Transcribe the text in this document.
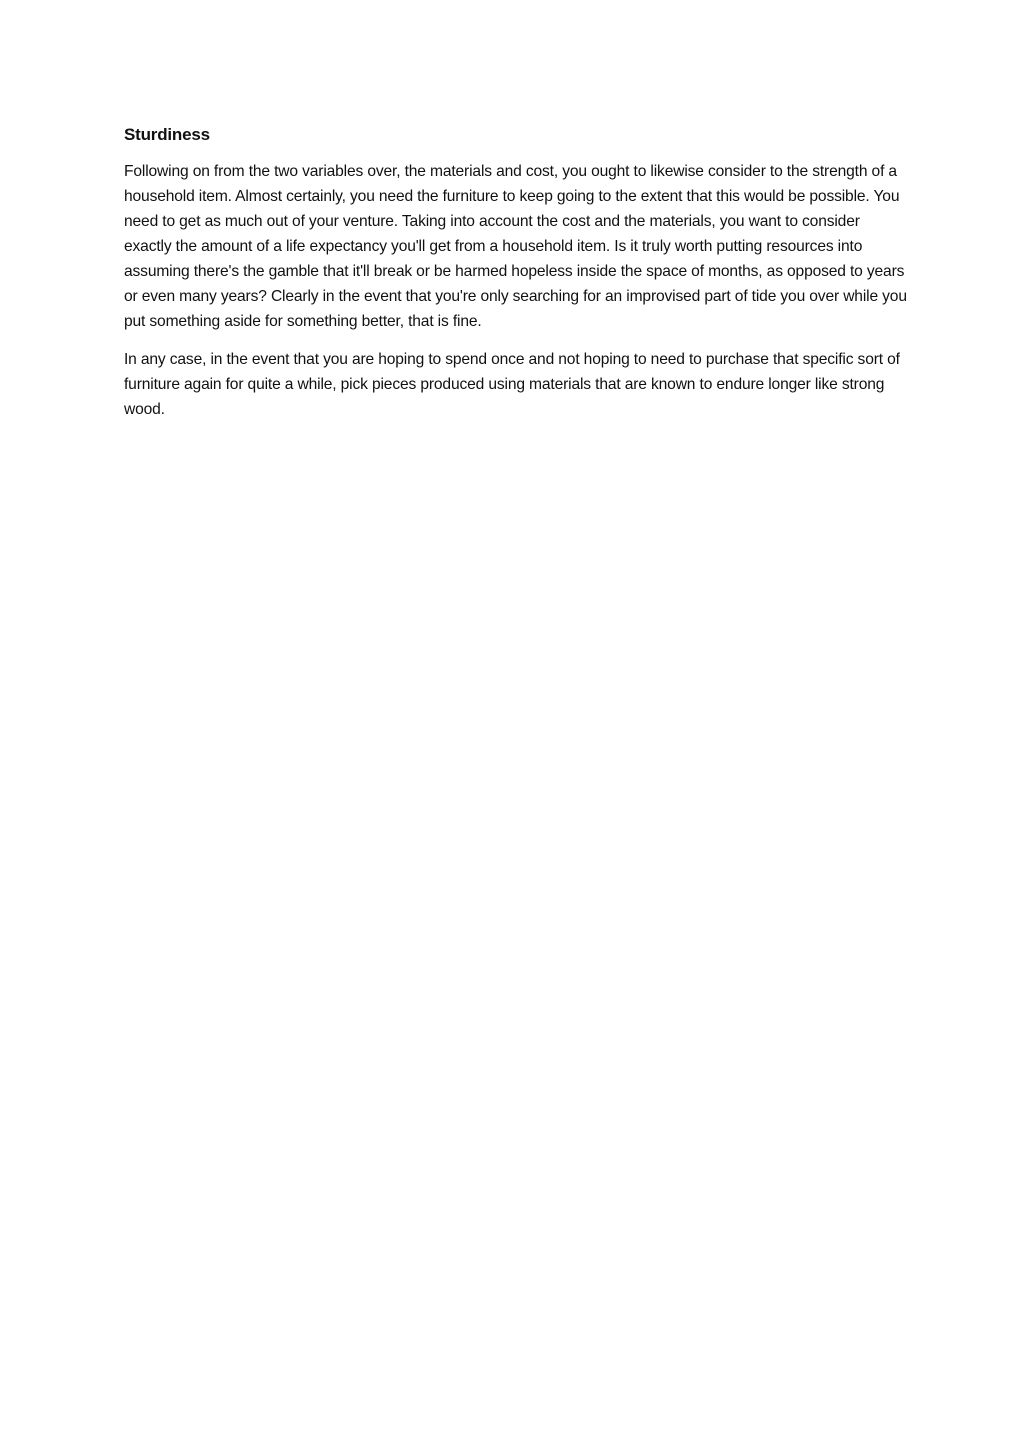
Sturdiness

Following on from the two variables over, the materials and cost, you ought to likewise consider to the strength of a household item. Almost certainly, you need the furniture to keep going to the extent that this would be possible. You need to get as much out of your venture. Taking into account the cost and the materials, you want to consider exactly the amount of a life expectancy you'll get from a household item. Is it truly worth putting resources into assuming there's the gamble that it'll break or be harmed hopeless inside the space of months, as opposed to years or even many years? Clearly in the event that you're only searching for an improvised part of tide you over while you put something aside for something better, that is fine.

In any case, in the event that you are hoping to spend once and not hoping to need to purchase that specific sort of furniture again for quite a while, pick pieces produced using materials that are known to endure longer like strong wood.
